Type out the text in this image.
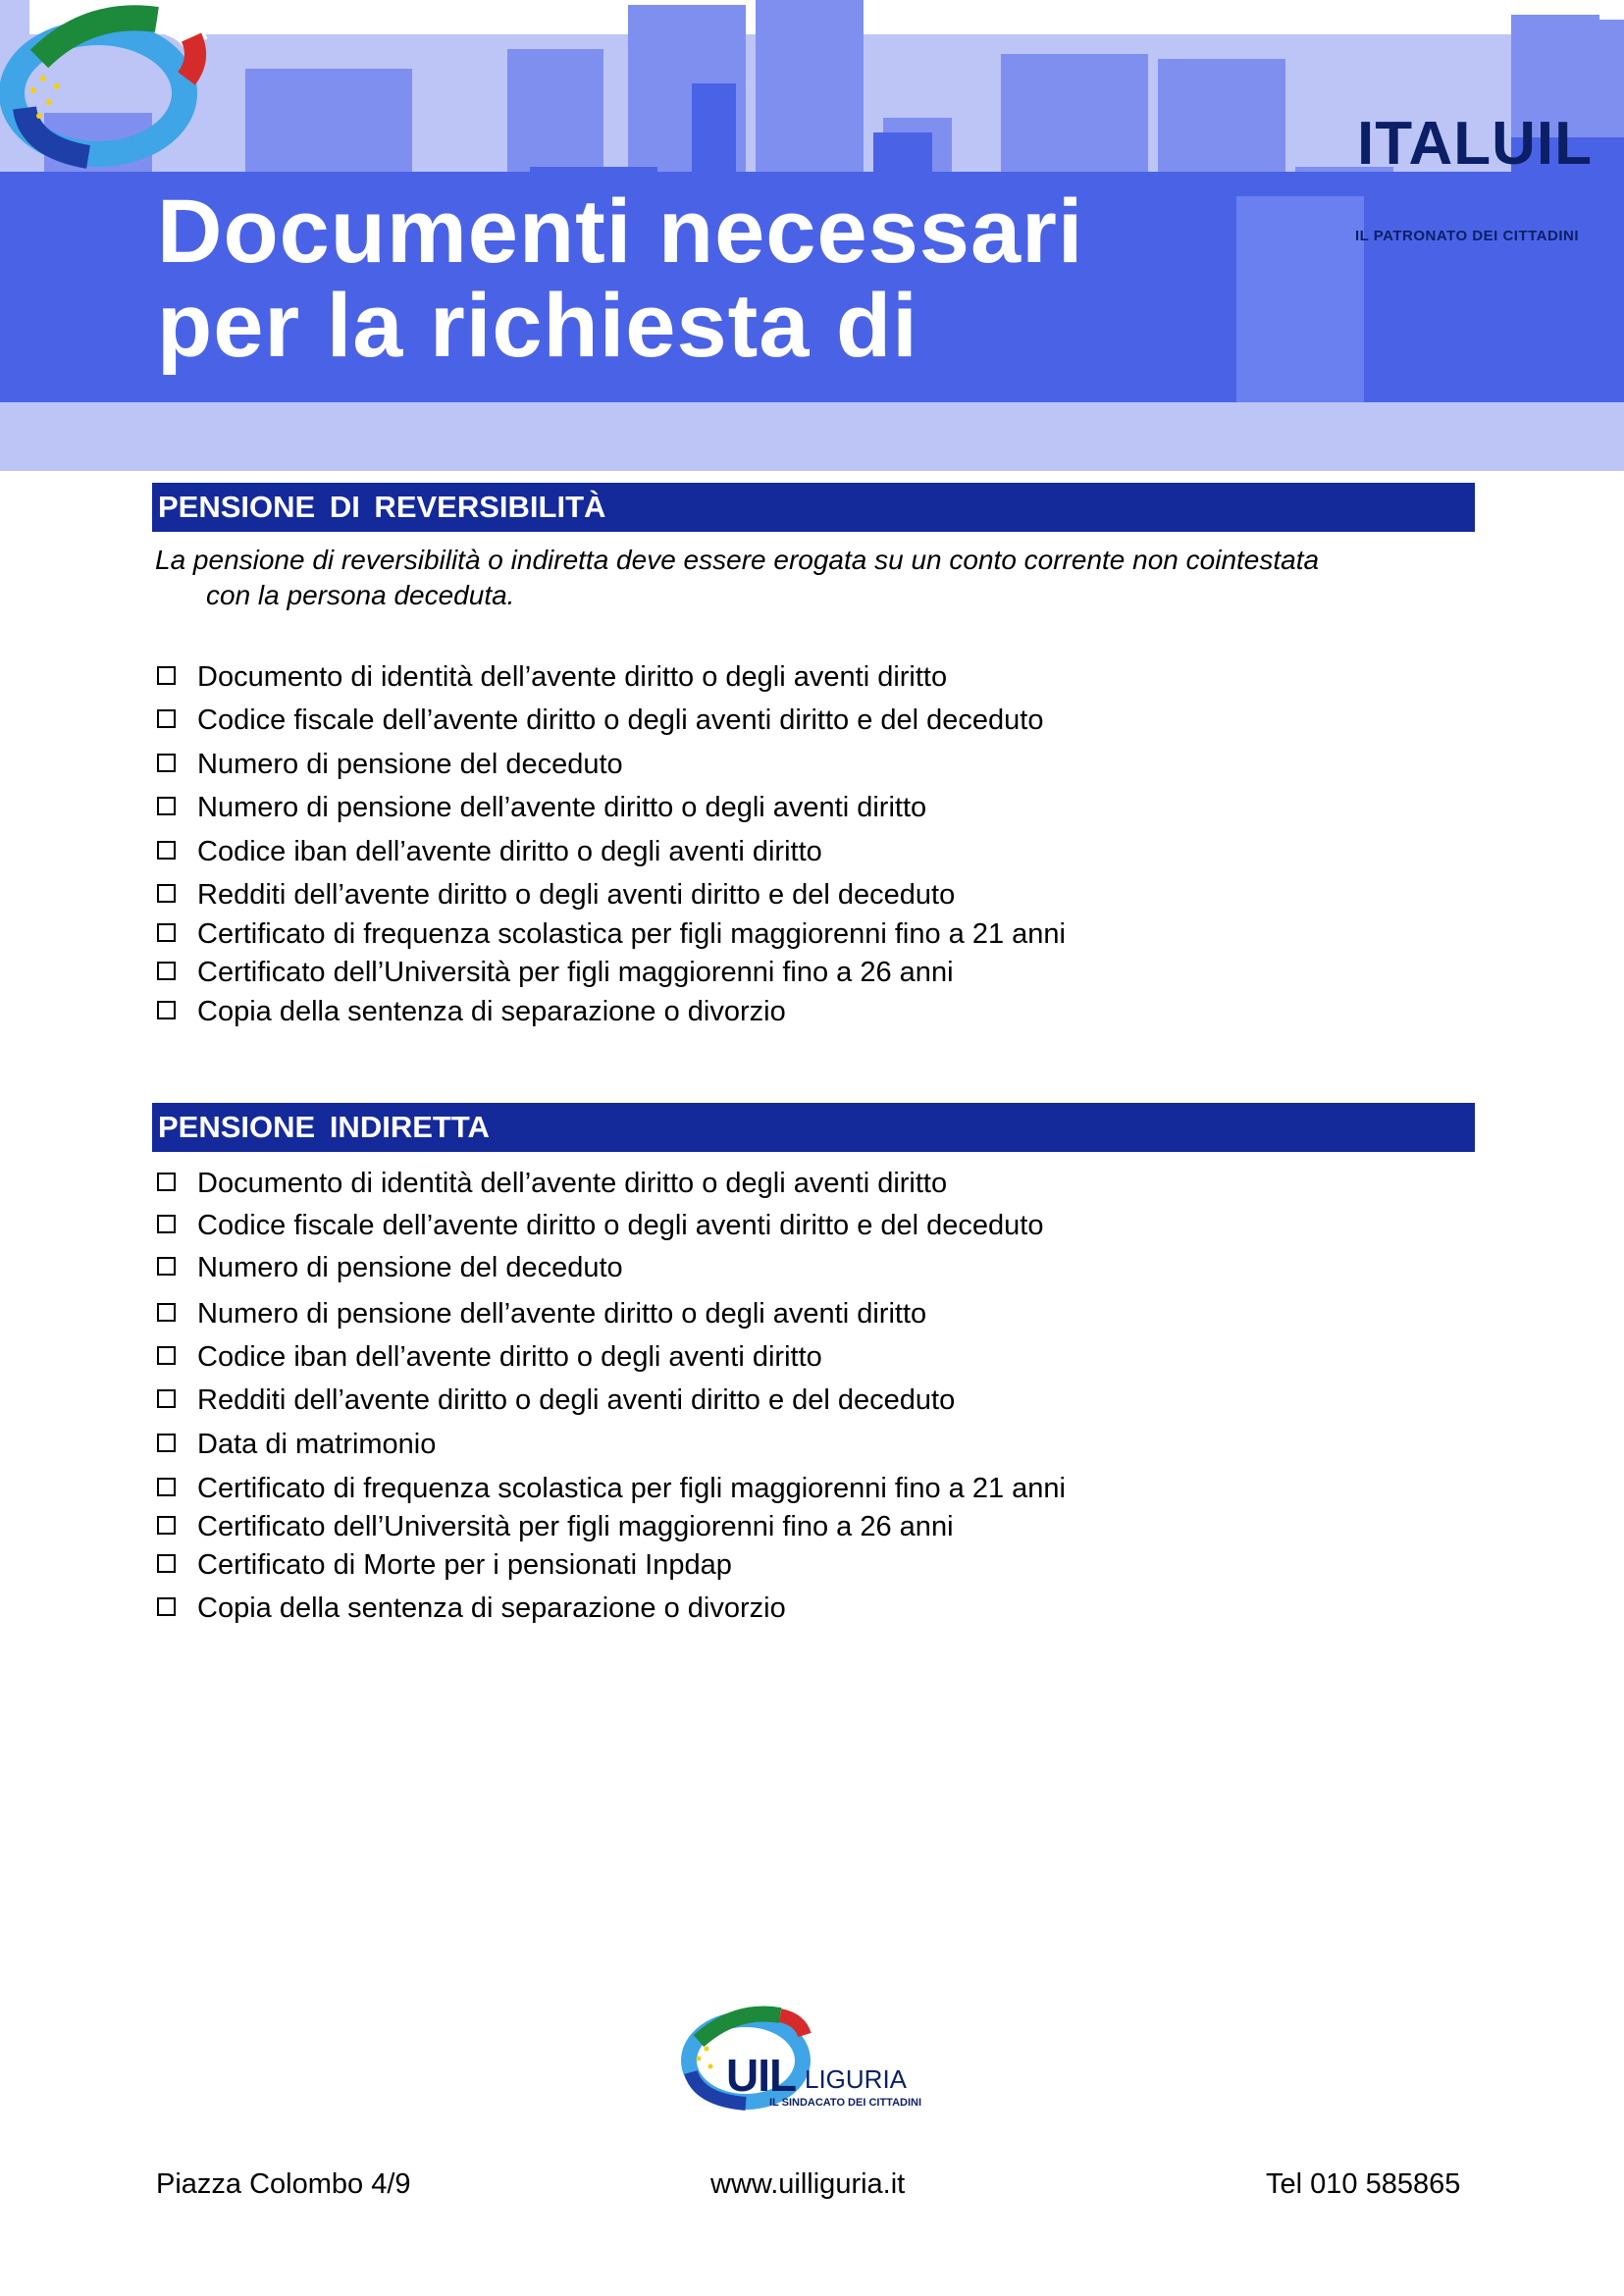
Documenti necessari
per la richiesta di
ITALUIL
IL PATRONATO DEI CITTADINI
PENSIONE DI REVERSIBILITÀ

La pensione di reversibilità o indiretta deve essere erogata su un conto corrente non cointestata
con la persona deceduta.

Documento di identità dell’avente diritto o degli aventi diritto
Codice fiscale dell’avente diritto o degli aventi diritto e del deceduto
Numero di pensione del deceduto
Numero di pensione dell’avente diritto o degli aventi diritto
Codice iban dell’avente diritto o degli aventi diritto
Redditi dell’avente diritto o degli aventi diritto e del deceduto
Certificato di frequenza scolastica per figli maggiorenni fino a 21 anni
Certificato dell’Università per figli maggiorenni fino a 26 anni
Copia della sentenza di separazione o divorzio
PENSIONE INDIRETTA
Documento di identità dell’avente diritto o degli aventi diritto
Codice fiscale dell’avente diritto o degli aventi diritto e del deceduto
Numero di pensione del deceduto
Numero di pensione dell’avente diritto o degli aventi diritto
Codice iban dell’avente diritto o degli aventi diritto
Redditi dell’avente diritto o degli aventi diritto e del deceduto
Data di matrimonio
Certificato di frequenza scolastica per figli maggiorenni fino a 21 anni
Certificato dell’Università per figli maggiorenni fino a 26 anni
Certificato di Morte per i pensionati Inpdap
Copia della sentenza di separazione o divorzio
UIL LIGURIA
IL SINDACATO DEI CITTADINI
Piazza Colombo 4/9	www.uilliguria.it	Tel 010 585865
